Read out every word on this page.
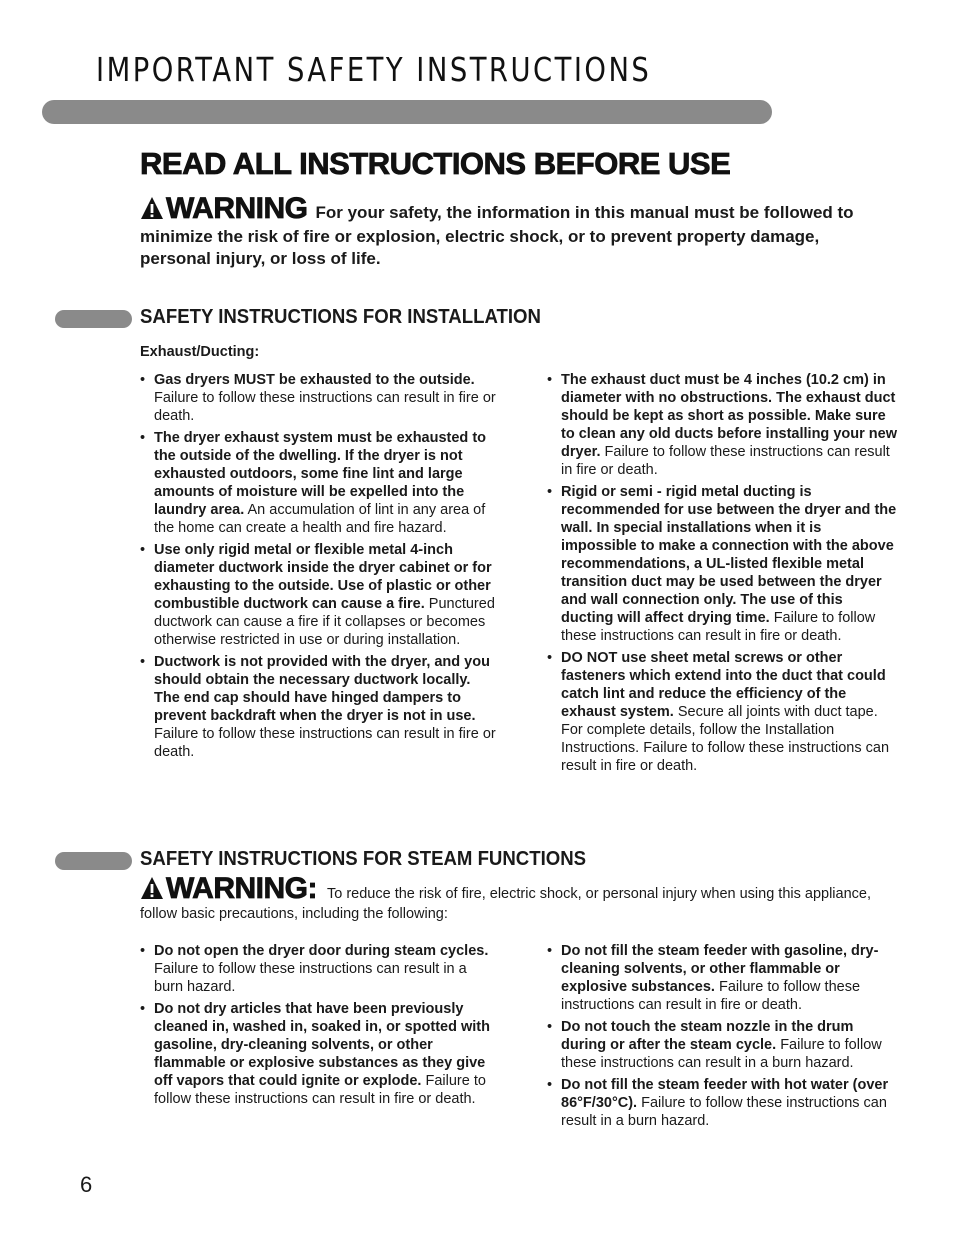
IMPORTANT SAFETY INSTRUCTIONS
READ ALL INSTRUCTIONS BEFORE USE
WARNING For your safety, the information in this manual must be followed to minimize the risk of fire or explosion, electric shock, or to prevent property damage, personal injury, or loss of life.
SAFETY INSTRUCTIONS FOR INSTALLATION

Exhaust/Ducting:

• Gas dryers MUST be exhausted to the outside. Failure to follow these instructions can result in fire or death.
• The dryer exhaust system must be exhausted to the outside of the dwelling. If the dryer is not exhausted outdoors, some fine lint and large amounts of moisture will be expelled into the laundry area. An accumulation of lint in any area of the home can create a health and fire hazard.
• Use only rigid metal or flexible metal 4-inch diameter ductwork inside the dryer cabinet or for exhausting to the outside. Use of plastic or other combustible ductwork can cause a fire. Punctured ductwork can cause a fire if it collapses or becomes otherwise restricted in use or during installation.
• Ductwork is not provided with the dryer, and you should obtain the necessary ductwork locally. The end cap should have hinged dampers to prevent backdraft when the dryer is not in use. Failure to follow these instructions can result in fire or death.
• The exhaust duct must be 4 inches (10.2 cm) in diameter with no obstructions. The exhaust duct should be kept as short as possible. Make sure to clean any old ducts before installing your new dryer. Failure to follow these instructions can result in fire or death.
• Rigid or semi - rigid metal ducting is recommended for use between the dryer and the wall. In special installations when it is impossible to make a connection with the above recommendations, a UL-listed flexible metal transition duct may be used between the dryer and wall connection only. The use of this ducting will affect drying time. Failure to follow these instructions can result in fire or death.
• DO NOT use sheet metal screws or other fasteners which extend into the duct that could catch lint and reduce the efficiency of the exhaust system. Secure all joints with duct tape. For complete details, follow the Installation Instructions. Failure to follow these instructions can result in fire or death.
SAFETY INSTRUCTIONS FOR STEAM FUNCTIONS
WARNING: To reduce the risk of fire, electric shock, or personal injury when using this appliance, follow basic precautions, including the following:
• Do not open the dryer door during steam cycles. Failure to follow these instructions can result in a burn hazard.
• Do not dry articles that have been previously cleaned in, washed in, soaked in, or spotted with gasoline, dry-cleaning solvents, or other flammable or explosive substances as they give off vapors that could ignite or explode. Failure to follow these instructions can result in fire or death.
• Do not fill the steam feeder with gasoline, dry-cleaning solvents, or other flammable or explosive substances. Failure to follow these instructions can result in fire or death.
• Do not touch the steam nozzle in the drum during or after the steam cycle. Failure to follow these instructions can result in a burn hazard.
• Do not fill the steam feeder with hot water (over 86°F/30°C). Failure to follow these instructions can result in a burn hazard.
6
